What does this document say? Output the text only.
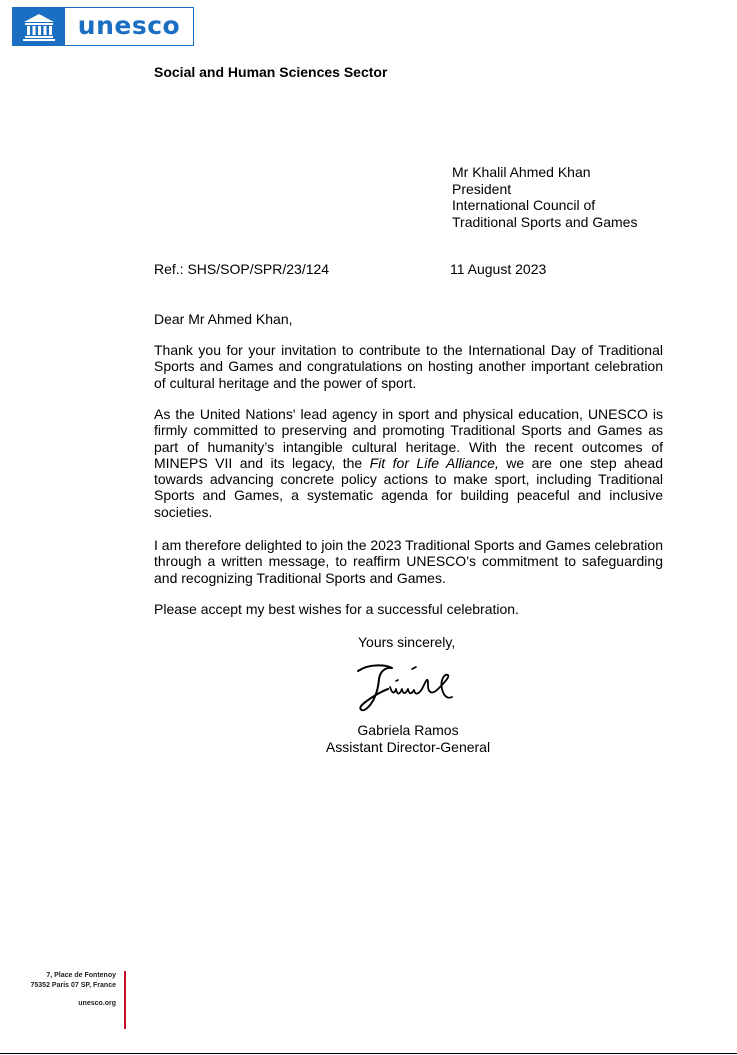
unesco
Social and Human Sciences Sector
Mr Khalil Ahmed Khan
President
International Council of
Traditional Sports and Games
Ref.: SHS/SOP/SPR/23/124	11 August 2023
Dear Mr Ahmed Khan,
Thank you for your invitation to contribute to the International Day of Traditional Sports and Games and congratulations on hosting another important celebration of cultural heritage and the power of sport.
As the United Nations' lead agency in sport and physical education, UNESCO is firmly committed to preserving and promoting Traditional Sports and Games as part of humanity’s intangible cultural heritage. With the recent outcomes of MINEPS VII and its legacy, the Fit for Life Alliance, we are one step ahead towards advancing concrete policy actions to make sport, including Traditional Sports and Games, a systematic agenda for building peaceful and inclusive societies.
I am therefore delighted to join the 2023 Traditional Sports and Games celebration through a written message, to reaffirm UNESCO’s commitment to safeguarding and recognizing Traditional Sports and Games.
Please accept my best wishes for a successful celebration.
Yours sincerely,
Gabriela Ramos
Assistant Director-General
7, Place de Fontenoy
75352 Paris 07 SP, France
unesco.org
